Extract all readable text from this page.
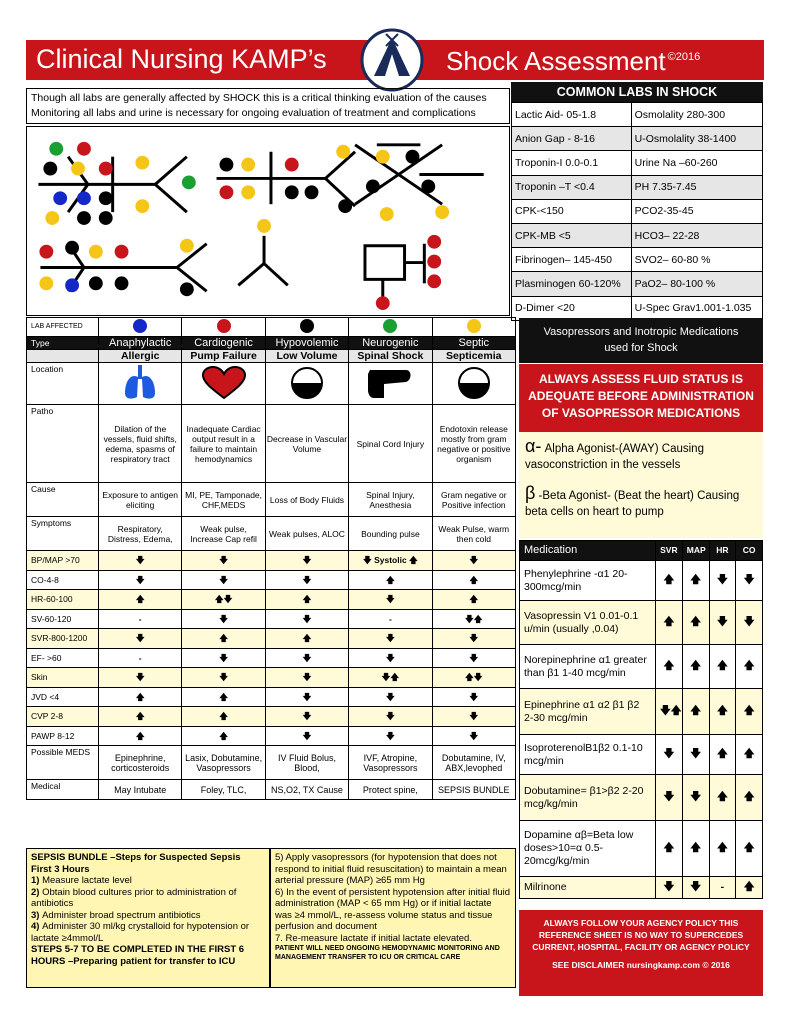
Clinical Nursing KAMP’s	Shock Assessment $^{©2016}$
Though all labs are generally affected by SHOCK this is a critical thinking evaluation of the causes
Monitoring all labs and urine is necessary for ongoing evaluation of treatment and complications
COMMON LABS IN SHOCK
Lactic Aid- 05-1.8	Osmolality 280-300
Anion Gap - 8-16	U-Osmolality 38-1400
Troponin-I 0.0-0.1	Urine Na –60-260
Troponin –T <0.4	PH 7.35-7.45
CPK-<150	PCO2-35-45
CPK-MB <5	HCO3– 22-28
Fibrinogen– 145-450	SVO2– 60-80 %
Plasminogen 60-120%	PaO2– 80-100 %
D-Dimer <20	U-Spec Grav1.001-1.035
LAB AFFECTED					
Type	Anaphylactic	Cardiogenic	Hypovolemic	Neurogenic	Septic
	Allergic	Pump Failure	Low Volume	Spinal Shock	Septicemia
Location					
Patho	Dilation of the vessels, fluid shifts, edema, spasms of respiratory tract	Inadequate Cardiac output result in a failure to maintain hemodynamics	Decrease in Vascular Volume	Spinal Cord Injury	Endotoxin release mostly from gram negative or positive organism
Cause	Exposure to antigen eliciting	MI, PE, Tamponade, CHF,MEDS	Loss of Body Fluids	Spinal Injury, Anesthesia	Gram negative or Positive infection
Symptoms	Respiratory, Distress, Edema,	Weak pulse, Increase Cap refil	Weak pulses, ALOC	Bounding pulse	Weak Pulse, warm then cold
BP/MAP >70	🡇	🡇	🡇	🡇 Systolic 🡅	🡇
CO-4-8	🡇	🡇	🡇	🡅	🡅
HR-60-100	🡅	🡅🡇	🡅	🡇	🡅
SV-60-120	-	🡇	🡇	-	🡇🡅
SVR-800-1200	🡇	🡅	🡅	🡇	🡇
EF- >60	-	🡇	🡇	🡇	🡇
Skin	🡇	🡇	🡇	🡇🡅	🡅🡇
JVD <4	🡅	🡅	🡇	🡇	🡇
CVP 2-8	🡅	🡅	🡇	🡇	🡇
PAWP 8-12	🡅	🡅	🡇	🡇	🡇
Possible MEDS	Epinephrine, corticosteroids	Lasix, Dobutamine, Vasopressors	IV Fluid Bolus, Blood,	IVF, Atropine, Vasopressors	Dobutamine, IV, ABX,levophed
Medical	May Intubate	Foley, TLC,	NS,O2, TX Cause	Protect spine,	SEPSIS BUNDLE
SEPSIS BUNDLE –Steps for Suspected Sepsis
First 3 Hours
1) Measure lactate level
2) Obtain blood cultures prior to administration of antibiotics
3) Administer broad spectrum antibiotics
4) Administer 30 ml/kg crystalloid for hypotension or lactate ≥4mmol/L
STEPS 5-7 TO BE COMPLETED IN THE FIRST 6 HOURS –Preparing patient for transfer to ICU
5) Apply vasopressors (for hypotension that does not respond to initial fluid resuscitation) to maintain a mean arterial pressure (MAP) ≥65 mm Hg
6) In the event of persistent hypotension after initial fluid administration (MAP < 65 mm Hg) or if initial lactate was ≥4 mmol/L, re-assess volume status and tissue perfusion and document
7. Re-measure lactate if initial lactate elevated.
PATIENT WILL NEED ONGOING HEMODYNAMIC MONITORING AND MANAGEMENT TRANSFER TO ICU OR CRITICAL CARE
Vasopressors and Inotropic Medications
used for Shock
ALWAYS ASSESS FLUID STATUS IS ADEQUATE BEFORE ADMINISTRATION OF VASOPRESSOR MEDICATIONS
α- Alpha Agonist-(AWAY) Causing vasoconstriction in the vessels
β -Beta Agonist- (Beat the heart) Causing beta cells on heart to pump
Medication	SVR	MAP	HR	CO
Phenylephrine -α1 20-300mcg/min	🡅	🡅	🡇	🡇
Vasopressin V1 0.01-0.1 u/min (usually ,0.04)	🡅	🡅	🡇	🡇
Norepinephrine α1 greater than β1 1-40 mcg/min	🡅	🡅	🡅	🡅
Epinephrine α1 α2 β1 β2 2-30 mcg/min	🡇🡅	🡅	🡅	🡅
IsoproterenolB1β2 0.1-10 mcg/min	🡇	🡇	🡅	🡅
Dobutamine= β1>β2 2-20 mcg/kg/min	🡇	🡇	🡅	🡅
Dopamine αβ=Beta low doses>10=α 0.5-20mcg/kg/min	🡅	🡅	🡅	🡅
Milrinone	🡇	🡇	-	🡅
ALWAYS FOLLOW YOUR AGENCY POLICY THIS REFERENCE SHEET IS NO WAY TO SUPERCEDES CURRENT, HOSPITAL, FACILITY OR AGENCY POLICY

SEE DISCLAIMER nursingkamp.com © 2016
